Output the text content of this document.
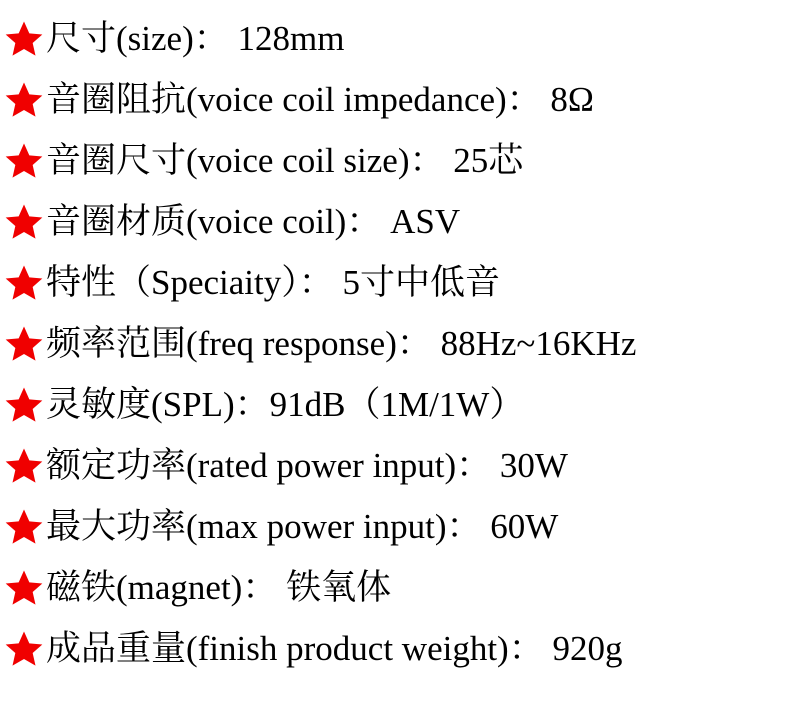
尺寸(size)： 128mm
音圈阻抗(voice coil impedance)： 8Ω
音圈尺寸(voice coil size)： 25芯
音圈材质(voice coil)： ASV
特性（Speciaity）： 5寸中低音
频率范围(freq response)： 88Hz~16KHz
灵敏度(SPL)：91dB（1M/1W）
额定功率(rated power input)： 30W
最大功率(max power input)： 60W
磁铁(magnet)： 铁氧体
成品重量(finish product weight)： 920g
